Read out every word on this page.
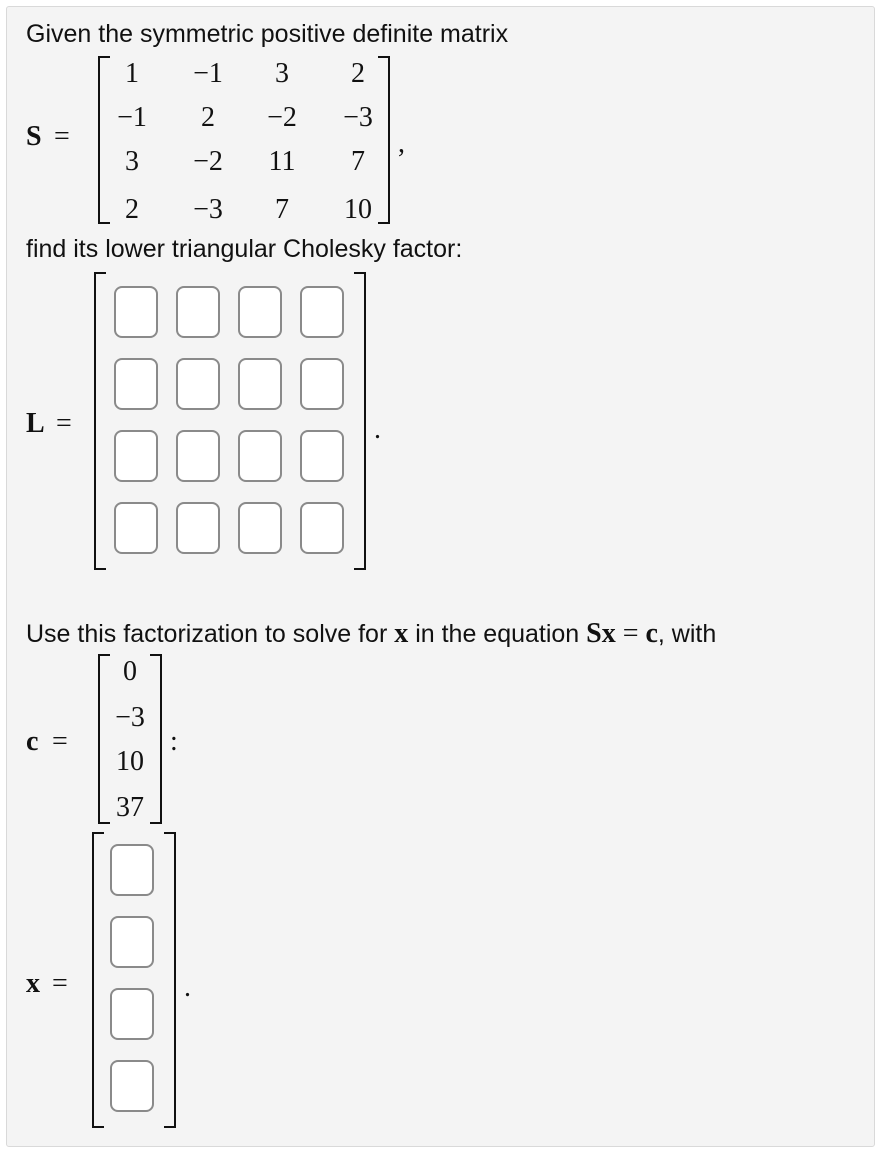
Given the symmetric positive definite matrix
S =
1	−1	3	2
−1	2	−2	−3
3	−2	11	7
2	−3	7	10
,
find its lower triangular Cholesky factor:
L =	.
Use this factorization to solve for x in the equation Sx = c, with
c =
0
−3
10
37
:
x =	.
